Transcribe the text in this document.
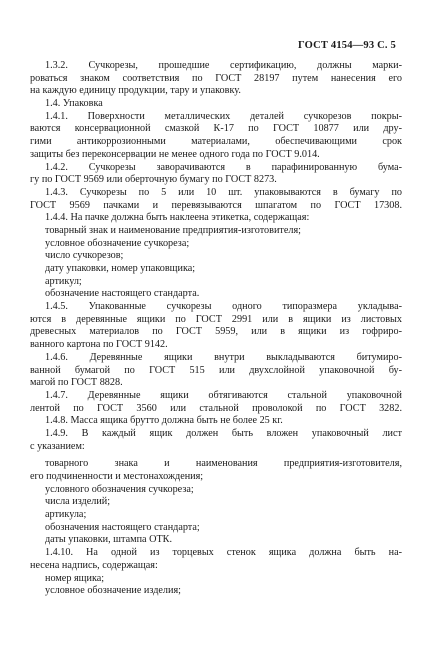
ГОСТ 4154—93 С. 5
1.3.2. Сучкорезы, прошедшие сертификацию, должны марки-
роваться знаком соответствия по ГОСТ 28197 путем нанесения его
на каждую единицу продукции, тару и упаковку.
1.4. Упаковка
1.4.1. Поверхности металлических деталей сучкорезов покры-
ваются консервационной смазкой К-17 по ГОСТ 10877 или дру-
гими антикоррозионными материалами, обеспечивающими срок
защиты без переконсервации не менее одного года по ГОСТ 9.014.
1.4.2. Сучкорезы заворачиваются в парафинированную бума-
гу по ГОСТ 9569 или оберточную бумагу по ГОСТ 8273.
1.4.3. Сучкорезы по 5 или 10 шт. упаковываются в бумагу по
ГОСТ 9569 пачками и перевязываются шпагатом по ГОСТ 17308.
1.4.4. На пачке должна быть наклеена этикетка, содержащая:
товарный знак и наименование предприятия-изготовителя;
условное обозначение сучкореза;
число сучкорезов;
дату упаковки, номер упаковщика;
артикул;
обозначение настоящего стандарта.
1.4.5. Упакованные сучкорезы одного типоразмера укладыва-
ются в деревянные ящики по ГОСТ 2991 или в ящики из листовых
древесных материалов по ГОСТ 5959, или в ящики из гофриро-
ванного картона по ГОСТ 9142.
1.4.6. Деревянные ящики внутри выкладываются битумиро-
ванной бумагой по ГОСТ 515 или двухслойной упаковочной бу-
магой по ГОСТ 8828.
1.4.7. Деревянные ящики обтягиваются стальной упаковочной
лентой по ГОСТ 3560 или стальной проволокой по ГОСТ 3282.
1.4.8. Масса ящика брутто должна быть не более 25 кг.
1.4.9. В каждый ящик должен быть вложен упаковочный лист
с указанием:
товарного знака и наименования предприятия-изготовителя,
его подчиненности и местонахождения;
условного обозначения сучкореза;
числа изделий;
артикула;
обозначения настоящего стандарта;
даты упаковки, штампа ОТК.
1.4.10. На одной из торцевых стенок ящика должна быть на-
несена надпись, содержащая:
номер ящика;
условное обозначение изделия;
